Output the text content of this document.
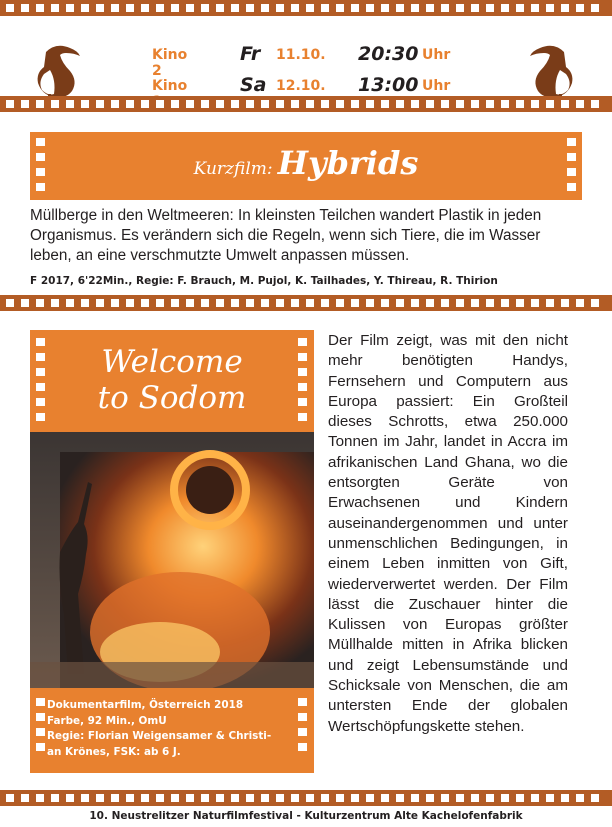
Kino 2
Fr 11.10. 20:30 Uhr
Kino	Sa 12.10. 13:00 Uhr
Kurzfilm: Hybrids
Müllberge in den Weltmeeren: In kleinsten Teilchen wandert Plastik in jeden Organismus. Es verändern sich die Regeln, wenn sich Tiere, die im Wasser leben, an eine verschmutzte Umwelt anpassen müssen.
F 2017, 6'22Min., Regie: F. Brauch, M. Pujol, K. Tailhades, Y. Thireau, R. Thirion
Welcome
to Sodom
Dokumentarfilm, Österreich 2018
Farbe, 92 Min., OmU
Regie: Florian Weigensamer & Christi-
an Krönes, FSK: ab 6 J.
Der Film zeigt, was mit den nicht mehr benötigten Handys, Fernsehern und Computern aus Europa passiert: Ein Großteil dieses Schrotts, etwa 250.000 Tonnen im Jahr, landet in Accra im afrikanischen Land Ghana, wo die entsorgten Geräte von Erwachsenen und Kindern auseinandergenommen und unter unmenschlichen Bedingungen, in einem Leben inmitten von Gift, wiederverwertet werden. Der Film lässt die Zuschauer hinter die Kulissen von Europas größter Müllhalde mitten in Afrika blicken und zeigt Lebensumstände und Schicksale von Menschen, die am untersten Ende der globalen Wertschöpfungskette stehen.
10. Neustrelitzer Naturfilmfestival - Kulturzentrum Alte Kachelofenfabrik
